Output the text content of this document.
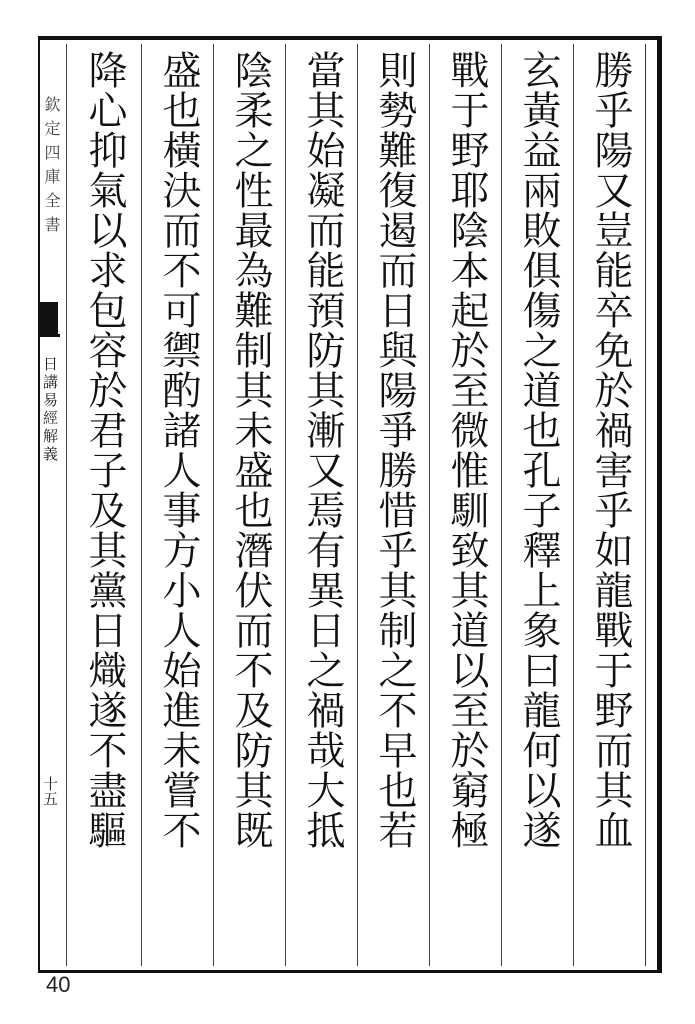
勝乎陽又豈能卒免於禍害乎如龍戰于野而其血
玄黃益兩敗俱傷之道也孔子釋上象曰龍何以遂
戰于野耶陰本起於至微惟馴致其道以至於窮極
則勢難復遏而日與陽爭勝惜乎其制之不早也若
當其始凝而能預防其漸又焉有異日之禍哉大抵
陰柔之性最為難制其未盛也潛伏而不及防其既
盛也橫決而不可禦酌諸人事方小人始進未嘗不
降心抑氣以求包容於君子及其黨日熾遂不盡驅
欽定四庫全書
日講易經解義
十五
40
